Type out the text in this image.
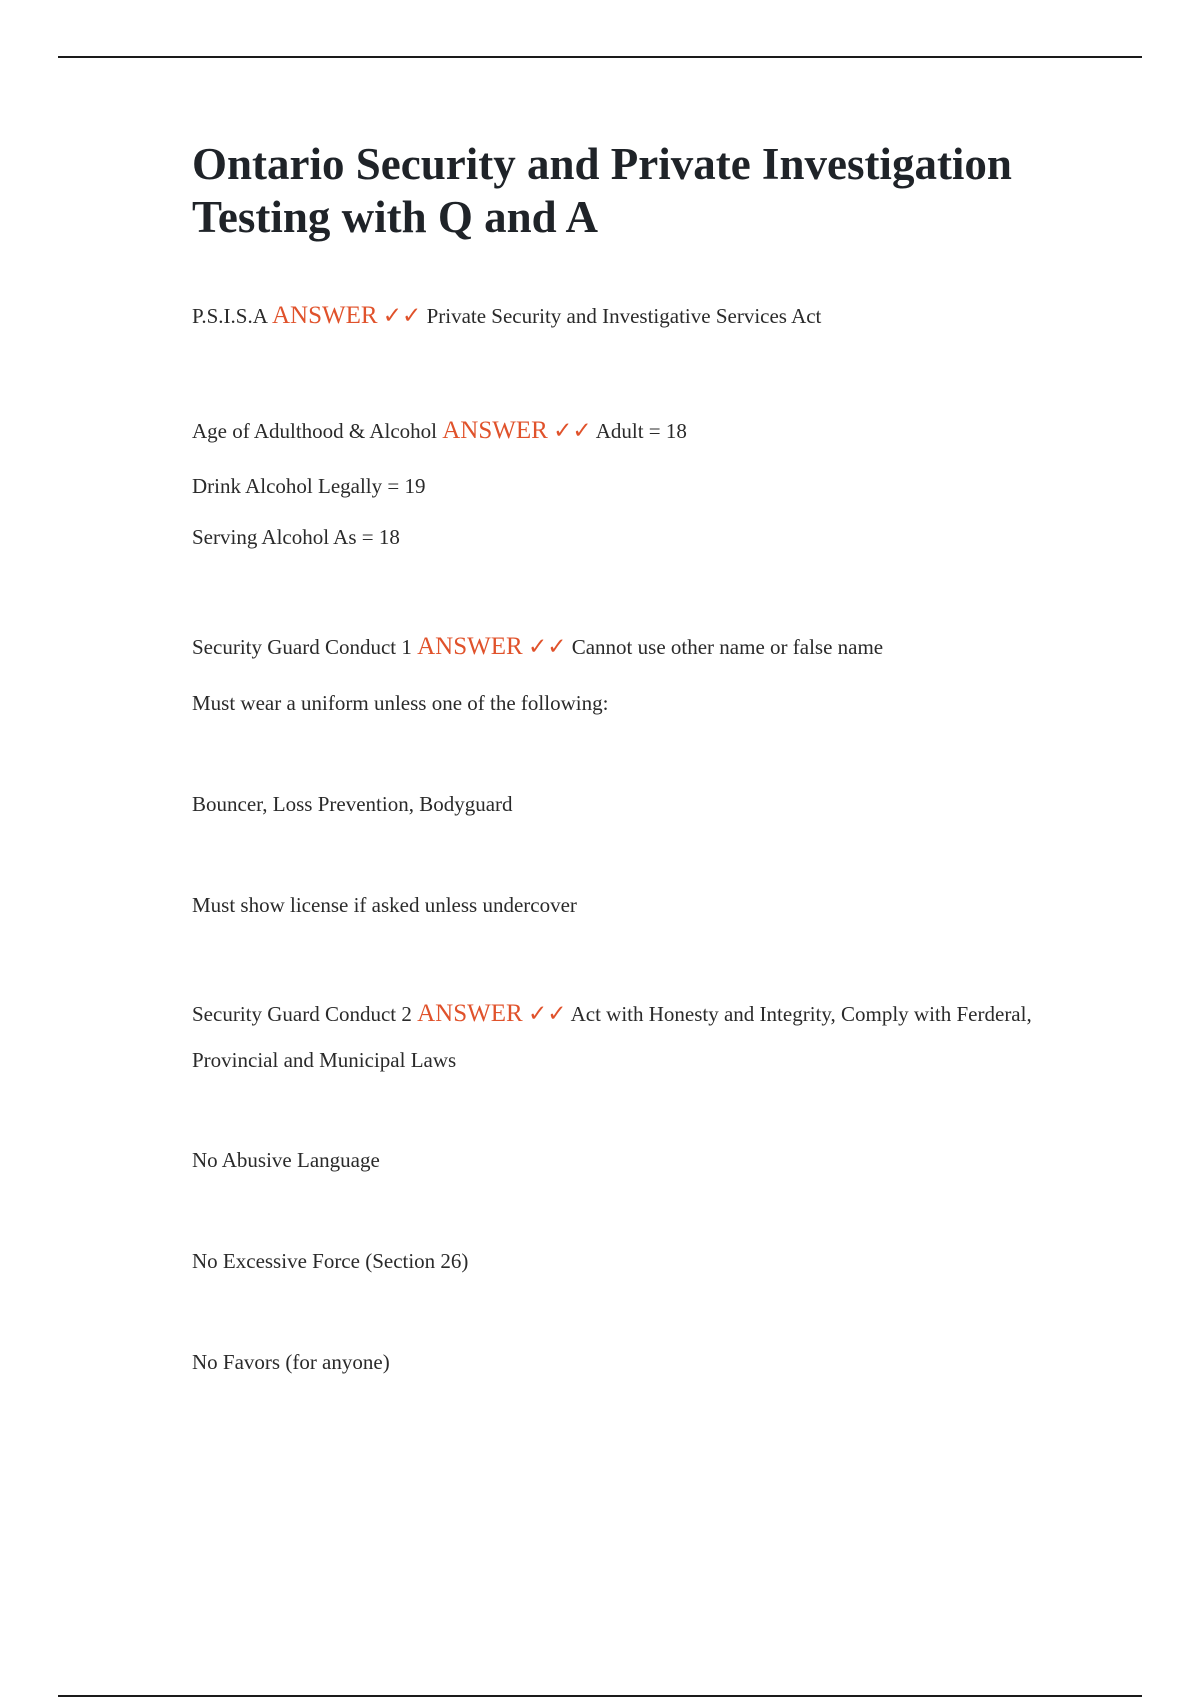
Ontario Security and Private Investigation Testing with Q and A
P.S.I.S.A ANSWER ✓✓ Private Security and Investigative Services Act
Age of Adulthood & Alcohol ANSWER ✓✓ Adult = 18
Drink Alcohol Legally = 19
Serving Alcohol As = 18
Security Guard Conduct 1 ANSWER ✓✓ Cannot use other name or false name
Must wear a uniform unless one of the following:
Bouncer, Loss Prevention, Bodyguard
Must show license if asked unless undercover
Security Guard Conduct 2 ANSWER ✓✓ Act with Honesty and Integrity, Comply with Ferderal, Provincial and Municipal Laws
No Abusive Language
No Excessive Force (Section 26)
No Favors (for anyone)
